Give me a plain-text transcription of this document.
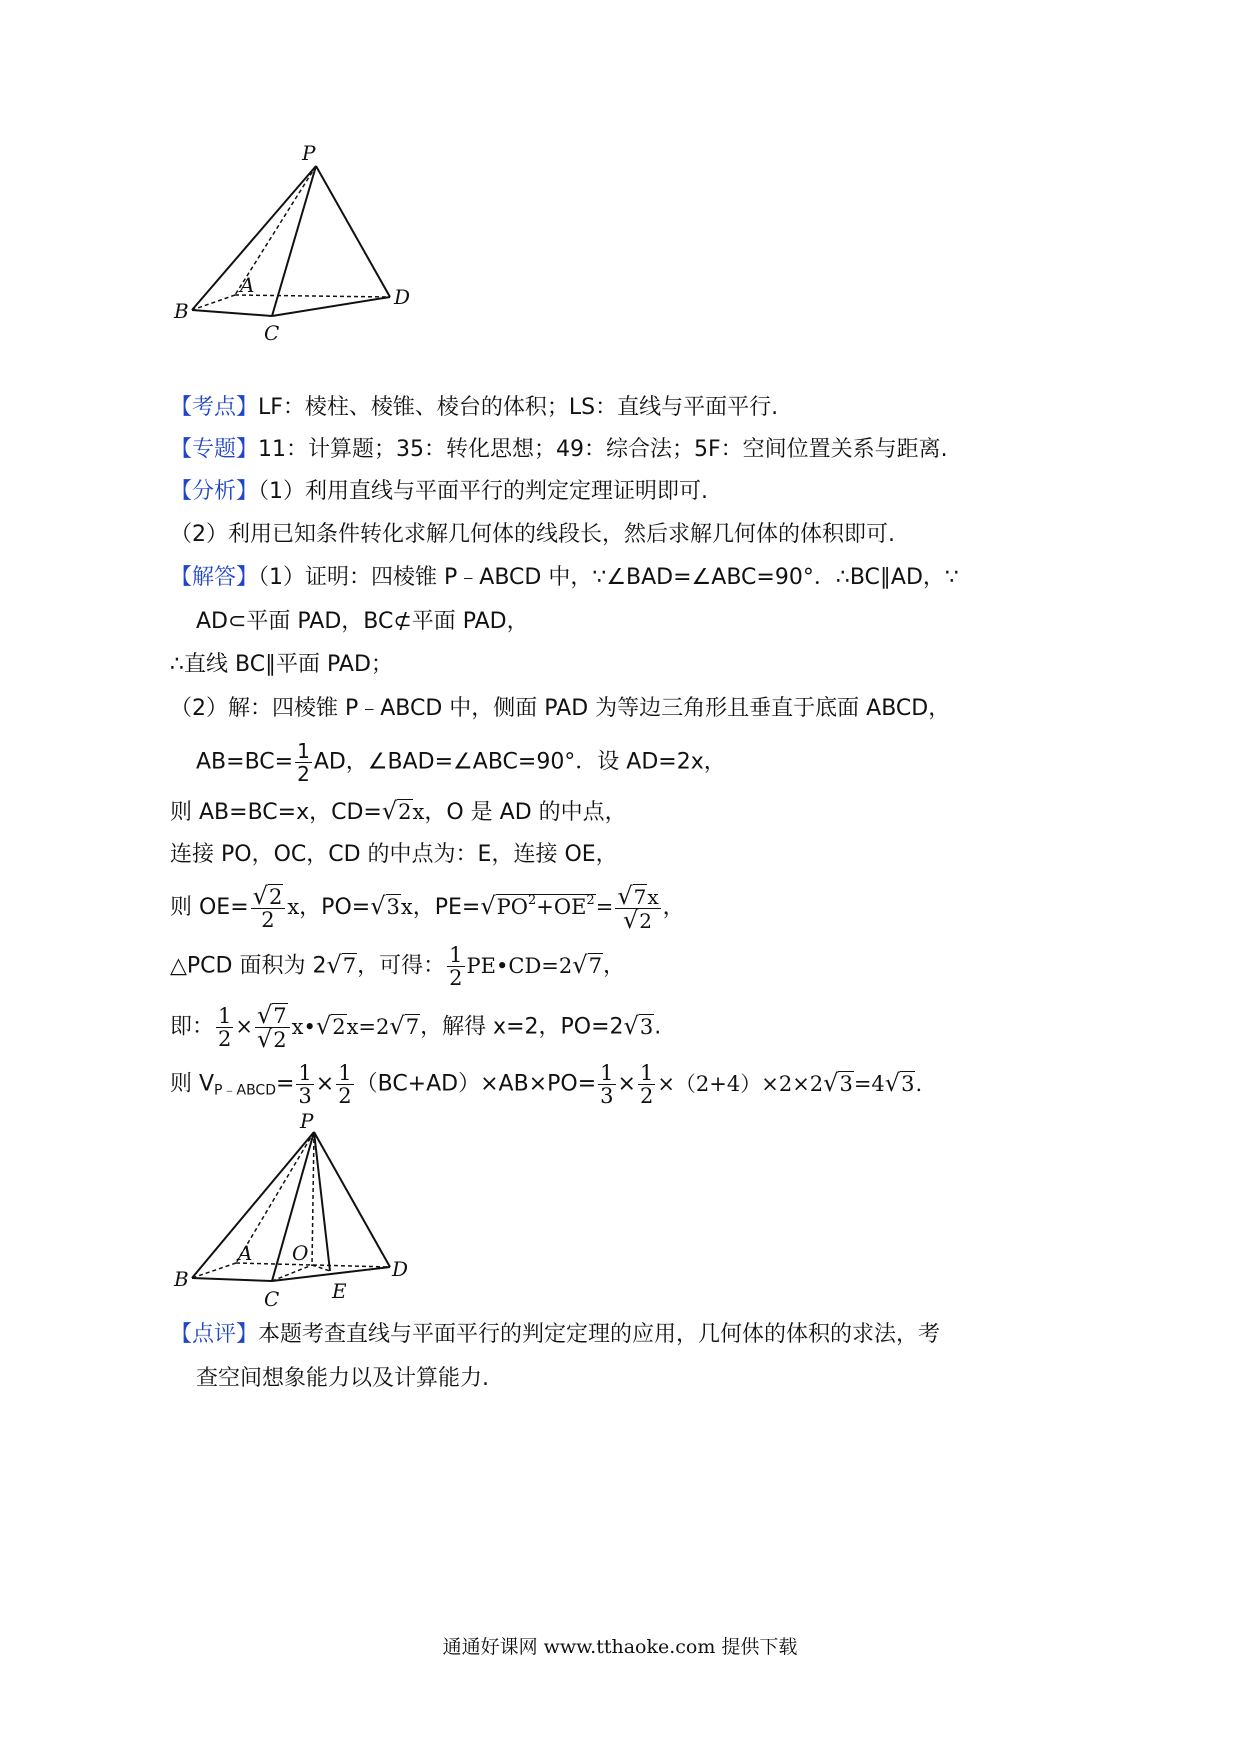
P
A
B
C
D
【考点】LF：棱柱、棱锥、棱台的体积；LS：直线与平面平行.
【专题】11：计算题；35：转化思想；49：综合法；5F：空间位置关系与距离.
【分析】（1）利用直线与平面平行的判定定理证明即可.
（2）利用已知条件转化求解几何体的线段长，然后求解几何体的体积即可.
【解答】（1）证明：四棱锥 P﹣ABCD 中，∵∠BAD=∠ABC=90°．∴BC∥AD，∵
AD⊂平面 PAD，BC⊄平面 PAD，
∴直线 BC∥平面 PAD；
（2）解：四棱锥 P﹣ABCD 中，侧面 PAD 为等边三角形且垂直于底面 ABCD，
$AB=BC= \frac{1}{2}$ AD，∠BAD=∠ABC=90°．设 AD=2x，
则 AB=BC=x，CD=√2x，O 是 AD 的中点，
连接 PO，OC，CD 的中点为：E，连接 OE，
则 $OE= \frac{√2}{2}$ x，PO=√3x，$PE=√PO^2+OE^2= \frac{√7x}{√2}$ ，
△PCD 面积为 2√7，可得： $\frac{1}{2}$ PE•CD=2√7，
即： $\frac{1}{2} \times \frac{√7}{√2}$ x•√2x=2√7，解得 x=2，PO=2√3.
则 $V_{P﹣ABCD}= \frac{1}{3} \times \frac{1}{2} (BC+AD)\times AB\times PO= \frac{1}{3} \times \frac{1}{2} \times(2+4)\times 2\times 2√3=4√3$.
P
A O
B
C	E
D
【点评】本题考查直线与平面平行的判定定理的应用，几何体的体积的求法，考
查空间想象能力以及计算能力.
通通好课网 www.tthaoke.com 提供下载
